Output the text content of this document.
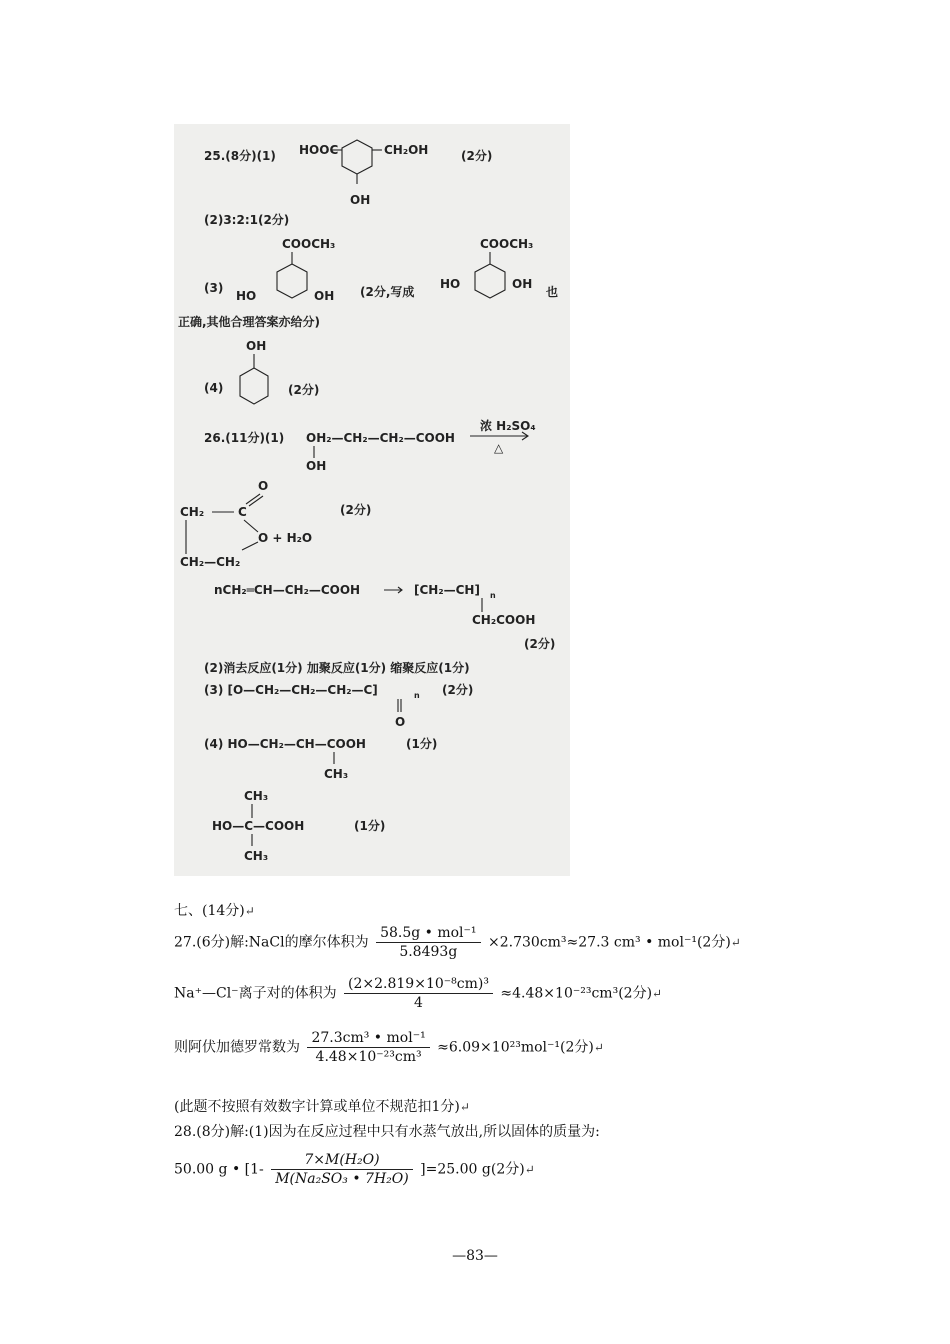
25.(8分)(1) HOOC	CH₂OH
OH
(2分)
(2)3:2:1(2分)
COOCH₃
(3)
HO	OH (2分,写成
COOCH₃
HO	OH
也
正确,其他合理答案亦给分)
OH
(4)	(2分)
26.(11分)(1) OH₂—CH₂—CH₂—COOH
OH
浓 H₂SO₄
△
O
CH₂	C
O + H₂O
CH₂—CH₂
(2分)
nCH₂═CH—CH₂—COOH	[CH₂—CH] n
CH₂COOH
(2分)
(2)消去反应(1分) 加聚反应(1分) 缩聚反应(1分)
(3) [O—CH₂—CH₂—CH₂—C]	n
O
(2分)
(4) HO—CH₂—CH—COOH
CH₃
(1分)
CH₃
HO—C—COOH
CH₃
(1分)
七、(14分)↵
27.(6分)解:NaCl的摩尔体积为 $\frac{\text{58.5g • mol⁻¹}}{5.8493g} \times 2.730cm^3\approx 27.3$ cm³ • mol⁻¹(2分)↵
Na⁺—Cl⁻离子对的体积为 $\frac{\text{(2×2.819×10⁻⁸cm)³}}{4} \approx 4.48\times 10^{-23}cm^3(2$分)↵
则阿伏加德罗常数为 $\frac{\text{27.3cm³ • mol⁻¹}}{\text{4.48×10⁻²³cm³}} \approx 6.09\times 10^{23}mol^{-1}(2$分)↵
(此题不按照有效数字计算或单位不规范扣1分)↵
28.(8分)解:(1)因为在反应过程中只有水蒸气放出,所以固体的质量为:
50.00 g • $[1- \frac{\text{7×M(H₂O)}}{\text{M(Na₂SO₃ • 7H₂O)}} ]=25.00$ g(2分)↵
—83—
